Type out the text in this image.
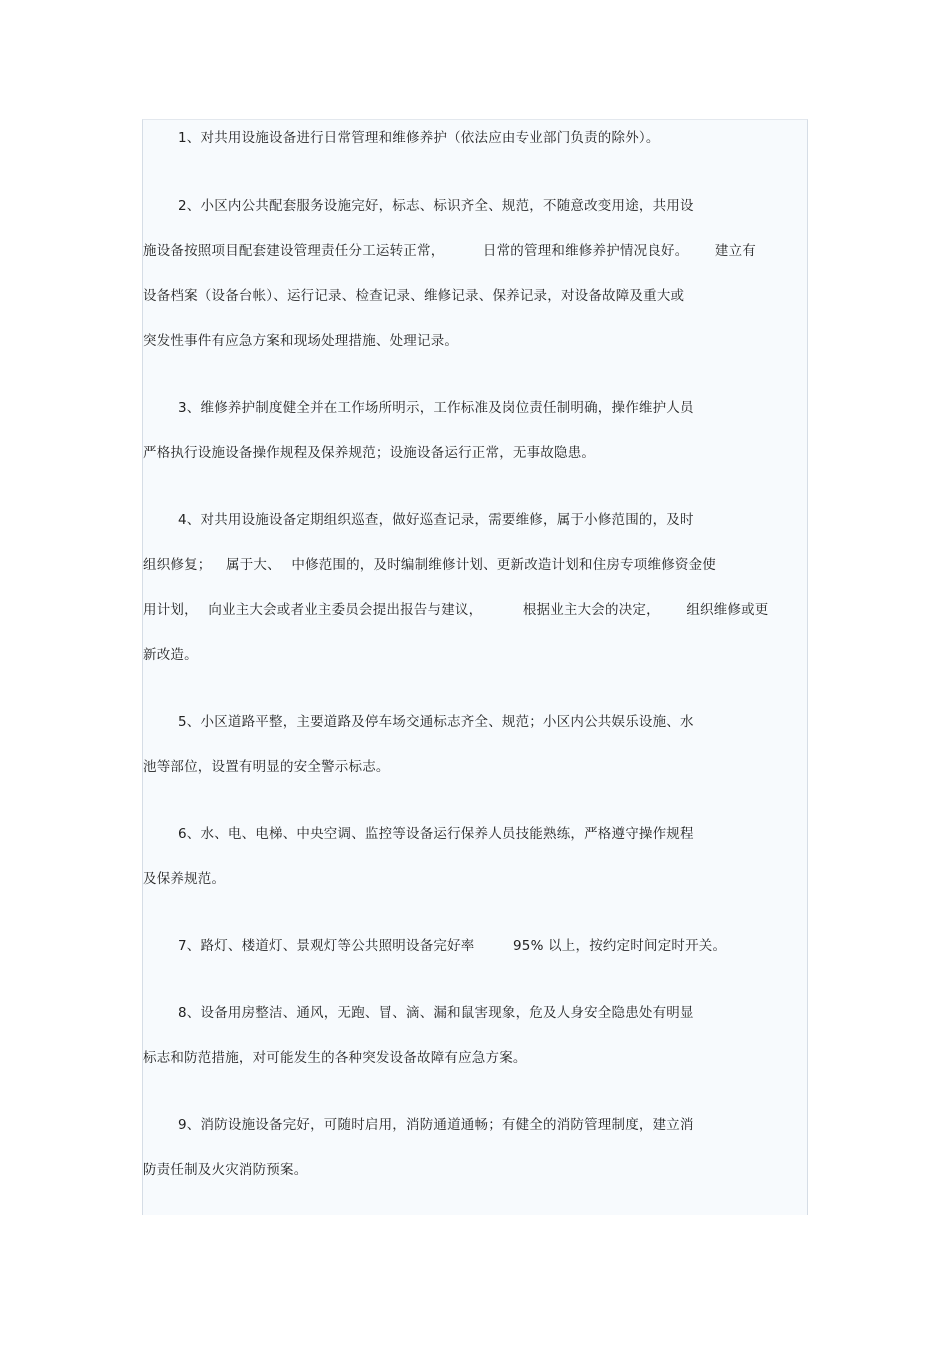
1、对共用设施设备进行日常管理和维修养护（依法应由专业部门负责的除外）。
2、小区内公共配套服务设施完好，标志、标识齐全、规范，不随意改变用途，共用设
施设备按照项目配套建设管理责任分工运转正常，	日常的管理和维修养护情况良好。 建立有
设备档案（设备台帐）、运行记录、检查记录、维修记录、保养记录，对设备故障及重大或
突发性事件有应急方案和现场处理措施、处理记录。
3、维修养护制度健全并在工作场所明示，工作标准及岗位责任制明确，操作维护人员
严格执行设施设备操作规程及保养规范；设施设备运行正常，无事故隐患。
4、对共用设施设备定期组织巡查，做好巡查记录，需要维修，属于小修范围的，及时
组织修复； 属于大、 中修范围的，及时编制维修计划、更新改造计划和住房专项维修资金使
用计划， 向业主大会或者业主委员会提出报告与建议，	根据业主大会的决定， 组织维修或更
新改造。
5、小区道路平整，主要道路及停车场交通标志齐全、规范；小区内公共娱乐设施、水
池等部位，设置有明显的安全警示标志。
6、水、电、电梯、中央空调、监控等设备运行保养人员技能熟练，严格遵守操作规程
及保养规范。
7、路灯、楼道灯、景观灯等公共照明设备完好率	95% 以上，按约定时间定时开关。
8、设备用房整洁、通风，无跑、冒、滴、漏和鼠害现象，危及人身安全隐患处有明显
标志和防范措施，对可能发生的各种突发设备故障有应急方案。
9、消防设施设备完好，可随时启用，消防通道通畅；有健全的消防管理制度，建立消
防责任制及火灾消防预案。
